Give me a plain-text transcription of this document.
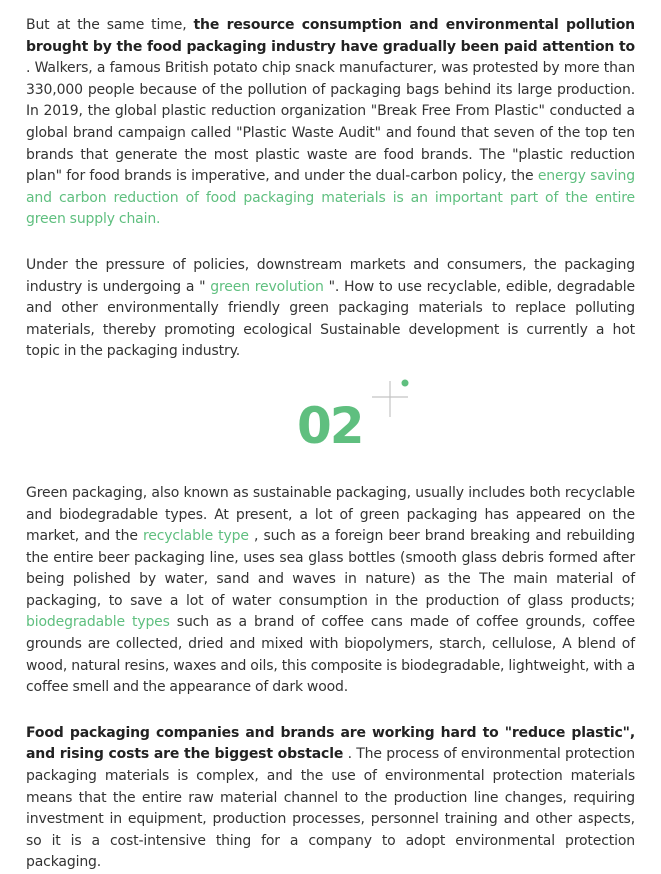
But at the same time, the resource consumption and environmental pollution brought by the food packaging industry have gradually been paid attention to . Walkers, a famous British potato chip snack manufacturer, was protested by more than 330,000 people because of the pollution of packaging bags behind its large production. In 2019, the global plastic reduction organization "Break Free From Plastic" conducted a global brand campaign called "Plastic Waste Audit" and found that seven of the top ten brands that generate the most plastic waste are food brands. The "plastic reduction plan" for food brands is imperative, and under the dual-carbon policy, the energy saving and carbon reduction of food packaging materials is an important part of the entire green supply chain.

Under the pressure of policies, downstream markets and consumers, the packaging industry is undergoing a " green revolution ". How to use recyclable, edible, degradable and other environmentally friendly green packaging materials to replace polluting materials, thereby promoting ecological Sustainable development is currently a hot topic in the packaging industry.

02

Green packaging, also known as sustainable packaging, usually includes both recyclable and biodegradable types. At present, a lot of green packaging has appeared on the market, and the recyclable type , such as a foreign beer brand breaking and rebuilding the entire beer packaging line, uses sea glass bottles (smooth glass debris formed after being polished by water, sand and waves in nature) as the The main material of packaging, to save a lot of water consumption in the production of glass products; biodegradable types such as a brand of coffee cans made of coffee grounds, coffee grounds are collected, dried and mixed with biopolymers, starch, cellulose, A blend of wood, natural resins, waxes and oils, this composite is biodegradable, lightweight, with a coffee smell and the appearance of dark wood.

Food packaging companies and brands are working hard to "reduce plastic", and rising costs are the biggest obstacle . The process of environmental protection packaging materials is complex, and the use of environmental protection materials means that the entire raw material channel to the production line changes, requiring investment in equipment, production processes, personnel training and other aspects, so it is a cost-intensive thing for a company to adopt environmental protection packaging.
